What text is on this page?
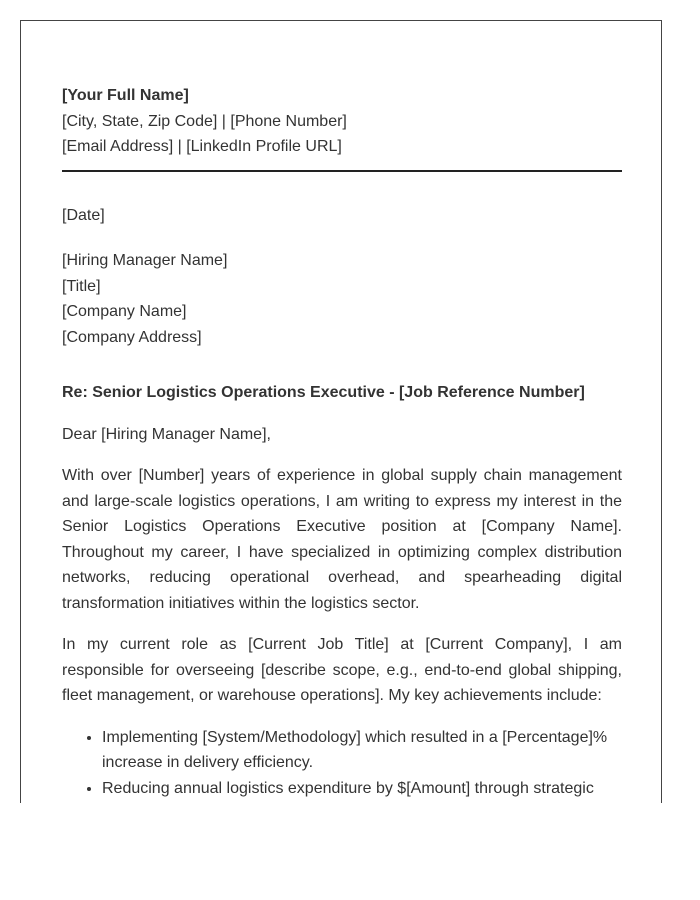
[Your Full Name]
[City, State, Zip Code] | [Phone Number]
[Email Address] | [LinkedIn Profile URL]
[Date]
[Hiring Manager Name]
[Title]
[Company Name]
[Company Address]
Re: Senior Logistics Operations Executive - [Job Reference Number]
Dear [Hiring Manager Name],

With over [Number] years of experience in global supply chain management and large-scale logistics operations, I am writing to express my interest in the Senior Logistics Operations Executive position at [Company Name]. Throughout my career, I have specialized in optimizing complex distribution networks, reducing operational overhead, and spearheading digital transformation initiatives within the logistics sector.

In my current role as [Current Job Title] at [Current Company], I am responsible for overseeing [describe scope, e.g., end-to-end global shipping, fleet management, or warehouse operations]. My key achievements include:

• Implementing [System/Methodology] which resulted in a [Percentage]% increase in delivery efficiency.
• Reducing annual logistics expenditure by $[Amount] through strategic
